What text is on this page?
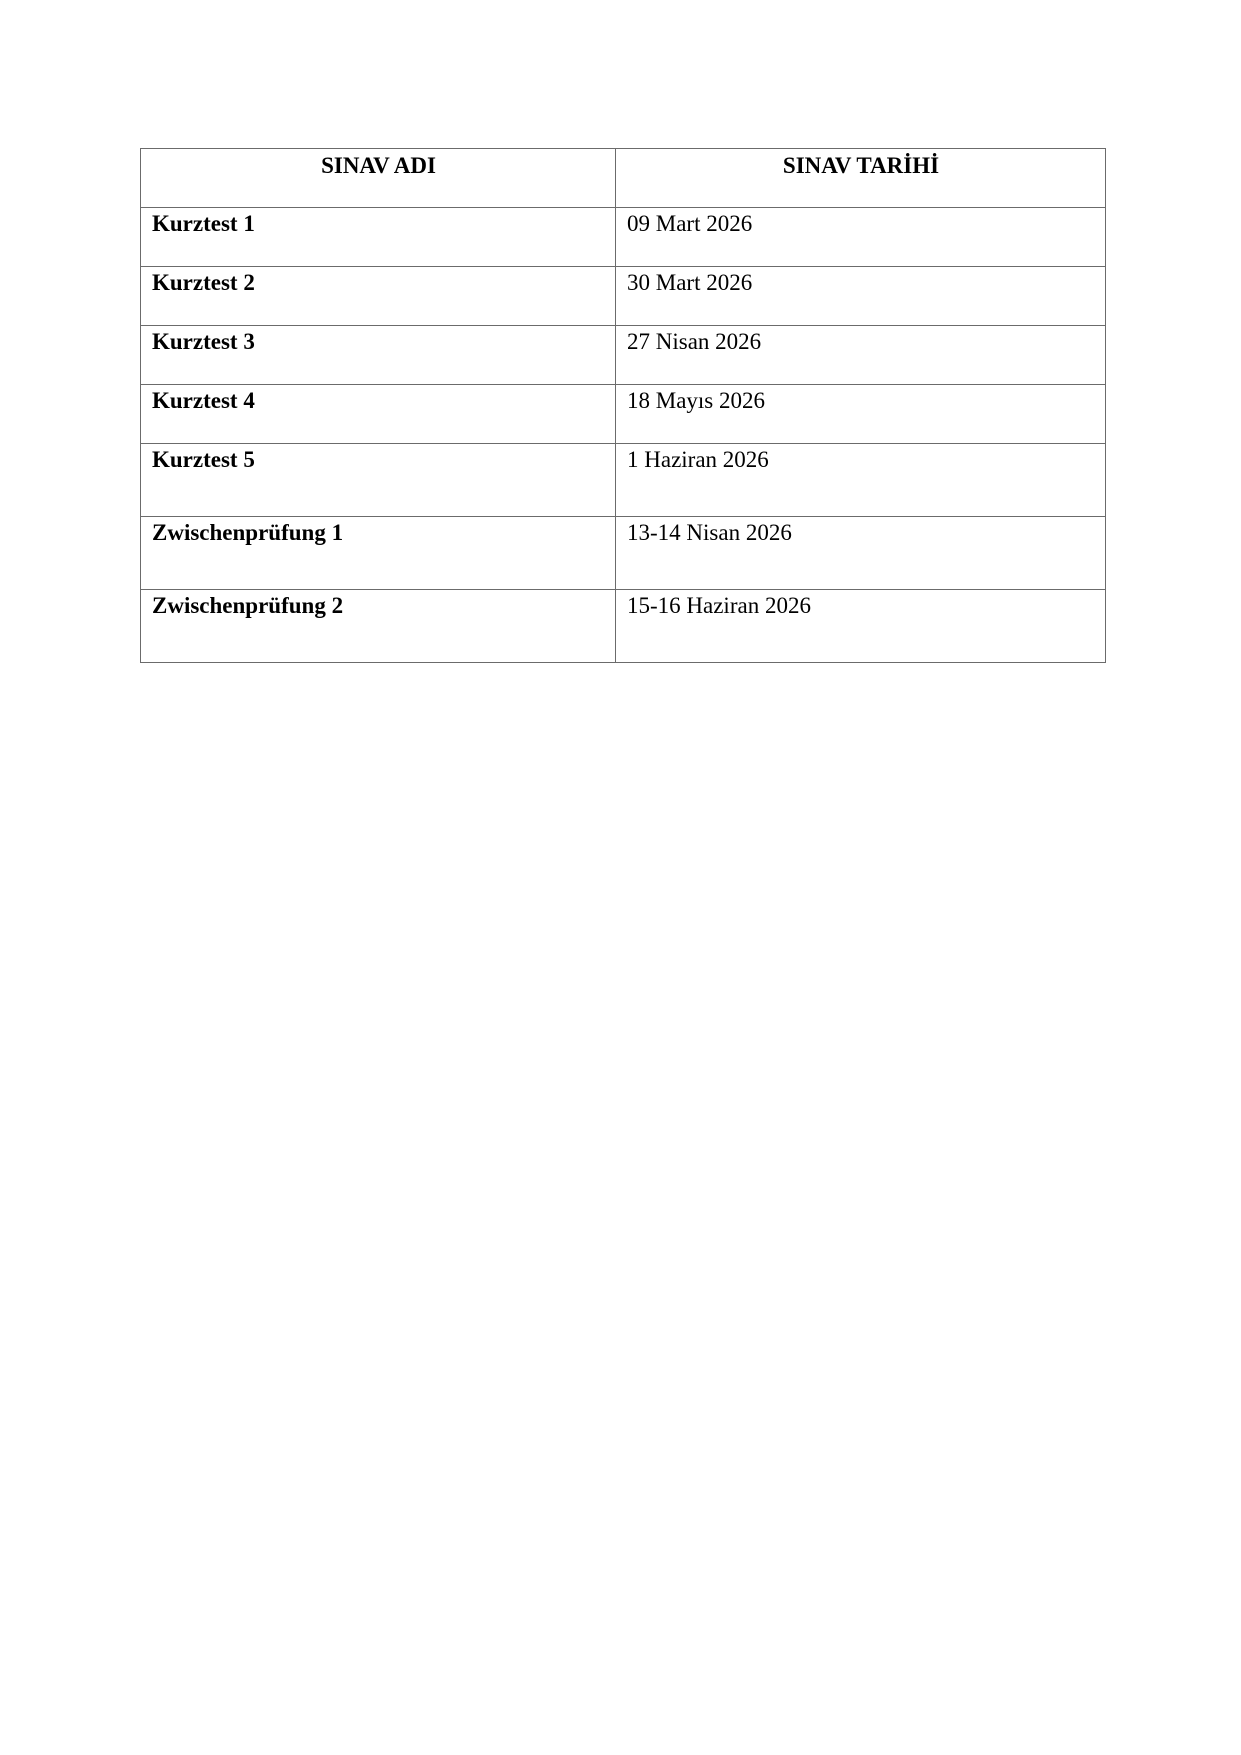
SINAV ADI	SINAV TARİHİ
Kurztest 1	09 Mart 2026
Kurztest 2	30 Mart 2026
Kurztest 3	27 Nisan 2026
Kurztest 4	18 Mayıs 2026
Kurztest 5	1 Haziran 2026
Zwischenprüfung 1	13-14 Nisan 2026
Zwischenprüfung 2	15-16 Haziran 2026
